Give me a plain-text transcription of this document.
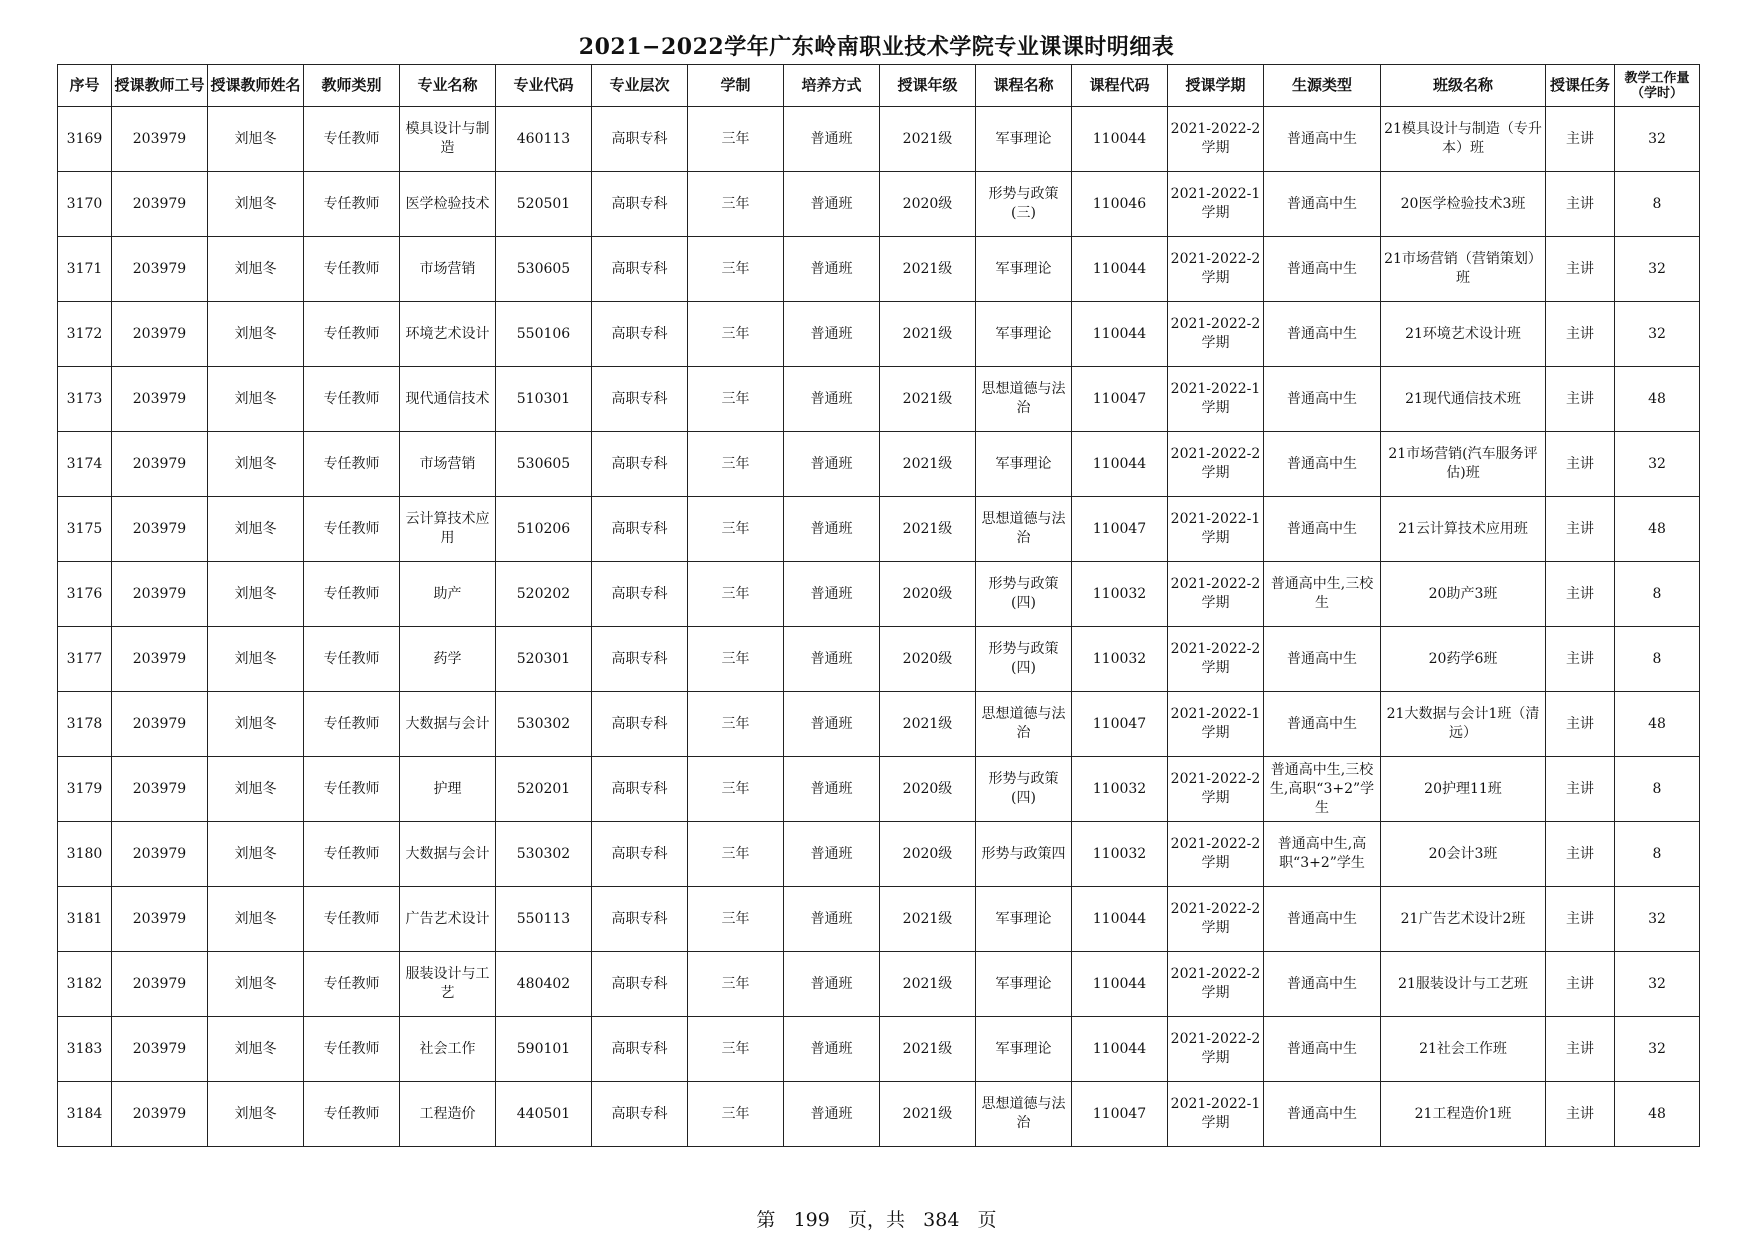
2021−2022学年广东岭南职业技术学院专业课课时明细表
序号	授课教师工号	授课教师姓名	教师类别	专业名称	专业代码	专业层次	学制	培养方式	授课年级	课程名称	课程代码	授课学期	生源类型	班级名称	授课任务	教学工作量（学时）
3169	203979	刘旭冬	专任教师	模具设计与制造	460113	高职专科	三年	普通班	2021级	军事理论	110044	2021-2022-2学期	普通高中生	21模具设计与制造（专升本）班	主讲	32
3170	203979	刘旭冬	专任教师	医学检验技术	520501	高职专科	三年	普通班	2020级	形势与政策(三)	110046	2021-2022-1学期	普通高中生	20医学检验技术3班	主讲	8
3171	203979	刘旭冬	专任教师	市场营销	530605	高职专科	三年	普通班	2021级	军事理论	110044	2021-2022-2学期	普通高中生	21市场营销（营销策划）班	主讲	32
3172	203979	刘旭冬	专任教师	环境艺术设计	550106	高职专科	三年	普通班	2021级	军事理论	110044	2021-2022-2学期	普通高中生	21环境艺术设计班	主讲	32
3173	203979	刘旭冬	专任教师	现代通信技术	510301	高职专科	三年	普通班	2021级	思想道德与法治	110047	2021-2022-1学期	普通高中生	21现代通信技术班	主讲	48
3174	203979	刘旭冬	专任教师	市场营销	530605	高职专科	三年	普通班	2021级	军事理论	110044	2021-2022-2学期	普通高中生	21市场营销(汽车服务评估)班	主讲	32
3175	203979	刘旭冬	专任教师	云计算技术应用	510206	高职专科	三年	普通班	2021级	思想道德与法治	110047	2021-2022-1学期	普通高中生	21云计算技术应用班	主讲	48
3176	203979	刘旭冬	专任教师	助产	520202	高职专科	三年	普通班	2020级	形势与政策(四)	110032	2021-2022-2学期	普通高中生,三校生	20助产3班	主讲	8
3177	203979	刘旭冬	专任教师	药学	520301	高职专科	三年	普通班	2020级	形势与政策(四)	110032	2021-2022-2学期	普通高中生	20药学6班	主讲	8
3178	203979	刘旭冬	专任教师	大数据与会计	530302	高职专科	三年	普通班	2021级	思想道德与法治	110047	2021-2022-1学期	普通高中生	21大数据与会计1班（清远）	主讲	48
3179	203979	刘旭冬	专任教师	护理	520201	高职专科	三年	普通班	2020级	形势与政策(四)	110032	2021-2022-2学期	普通高中生,三校生,高职“3+2”学生	20护理11班	主讲	8
3180	203979	刘旭冬	专任教师	大数据与会计	530302	高职专科	三年	普通班	2020级	形势与政策四	110032	2021-2022-2学期	普通高中生,高职“3+2”学生	20会计3班	主讲	8
3181	203979	刘旭冬	专任教师	广告艺术设计	550113	高职专科	三年	普通班	2021级	军事理论	110044	2021-2022-2学期	普通高中生	21广告艺术设计2班	主讲	32
3182	203979	刘旭冬	专任教师	服装设计与工艺	480402	高职专科	三年	普通班	2021级	军事理论	110044	2021-2022-2学期	普通高中生	21服装设计与工艺班	主讲	32
3183	203979	刘旭冬	专任教师	社会工作	590101	高职专科	三年	普通班	2021级	军事理论	110044	2021-2022-2学期	普通高中生	21社会工作班	主讲	32
3184	203979	刘旭冬	专任教师	工程造价	440501	高职专科	三年	普通班	2021级	思想道德与法治	110047	2021-2022-1学期	普通高中生	21工程造价1班	主讲	48
第 199 页，共 384 页
